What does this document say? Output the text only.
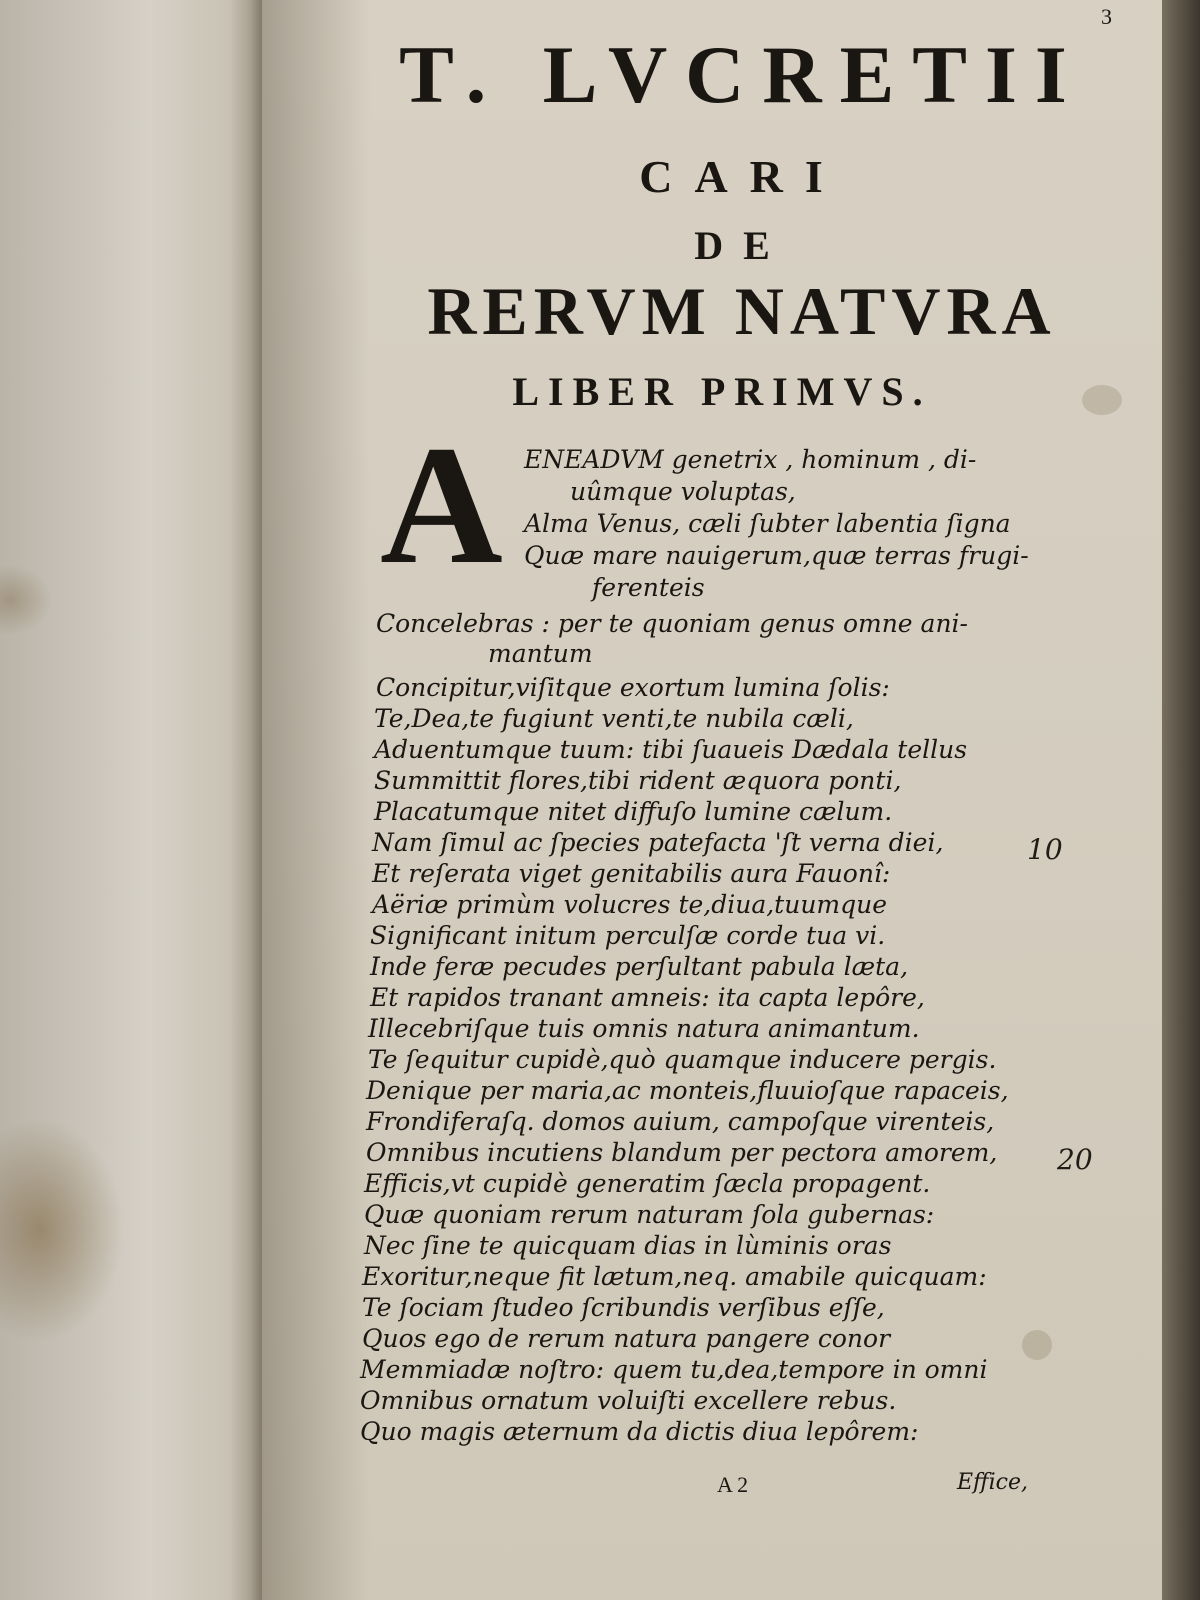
3
T. LVCRETII
CARI
DE
RERVM NATVRA
LIBER PRIMVS.
A ENEADVM genetrix , hominum , di-
uûmque voluptas,
Alma Venus, cæli ſubter labentia ſigna
Quæ mare nauigerum,quæ terras frugi-
ferenteis
Concelebras : per te quoniam genus omne ani-
mantum
Concipitur,viſitque exortum lumina ſolis:
Te,Dea,te fugiunt venti,te nubila cæli,
Aduentumque tuum: tibi ſuaueis Dædala tellus
Summittit flores,tibi rident æquora ponti,
Placatumque nitet diffuſo lumine cælum.
Nam ſimul ac ſpecies patefacta 'ſt verna diei,
Et reſerata viget genitabilis aura Fauonî:
Aëriæ primùm volucres te,diua,tuumque
Significant initum perculſæ corde tua vi.
Inde feræ pecudes perſultant pabula læta,
Et rapidos tranant amneis: ita capta lepôre,
Illecebriſque tuis omnis natura animantum.
Te ſequitur cupidè,quò quamque inducere pergis.
Denique per maria,ac monteis,fluuioſque rapaceis,
Frondiferaſq. domos auium, campoſque virenteis,
Omnibus incutiens blandum per pectora amorem,
Efficis,vt cupidè generatim ſæcla propagent.
Quæ quoniam rerum naturam ſola gubernas:
Nec ſine te quicquam dias in lùminis oras
Exoritur,neque fit lætum,neq. amabile quicquam:
Te ſociam ſtudeo ſcribundis verſibus eſſe,
Quos ego de rerum natura pangere conor
Memmiadæ noſtro: quem tu,dea,tempore in omni
Omnibus ornatum voluiſti excellere rebus.
Quo magis æternum da dictis diua lepôrem:
10
20
A 2	Effice,
